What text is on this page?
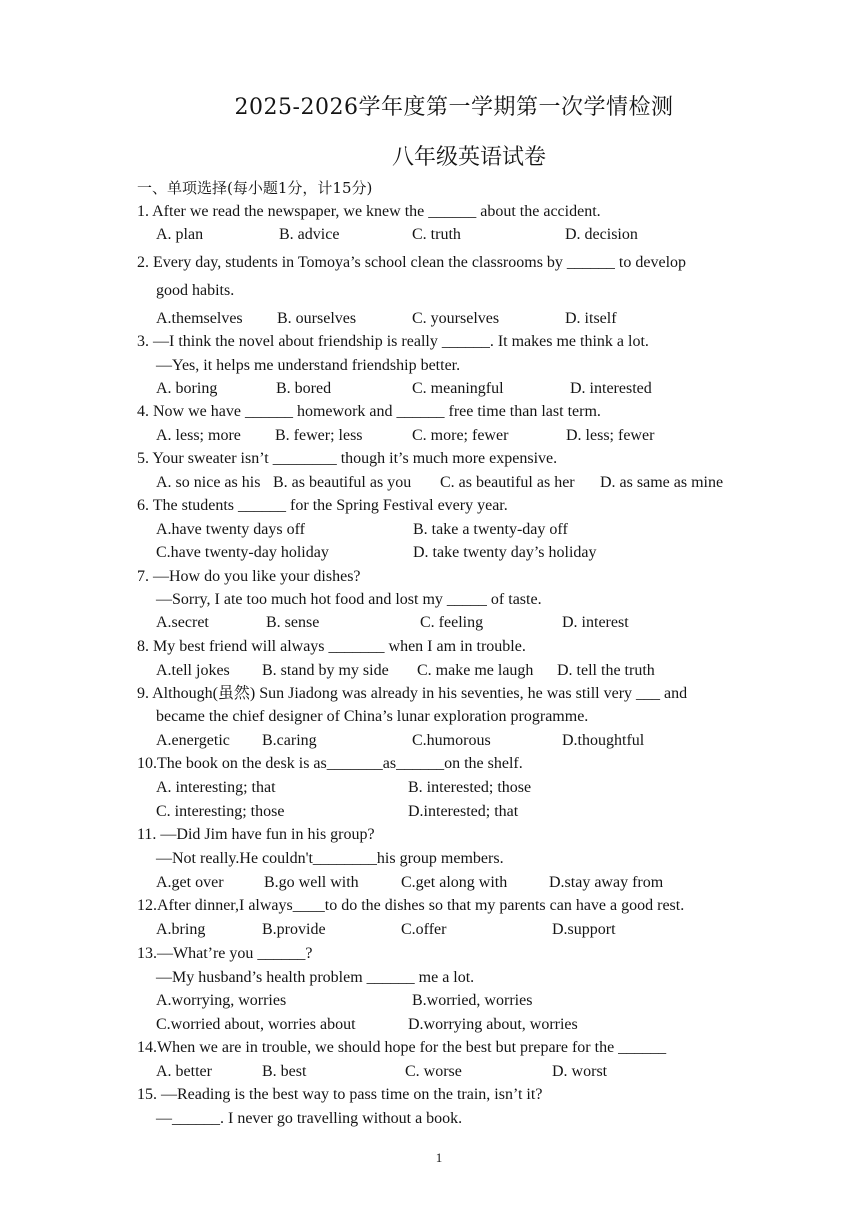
2025-2026学年度第一学期第一次学情检测
八年级英语试卷
一、单项选择(每小题1分，计15分)
1. After we read the newspaper, we knew the ______ about the accident.
A. plan	B. advice	C. truth	D. decision
2. Every day, students in Tomoya’s school clean the classrooms by ______ to develop
good habits.
A.themselves B. ourselves	C. yourselves	D. itself
3. —I think the novel about friendship is really ______. It makes me think a lot.
—Yes, it helps me understand friendship better.
A. boring	B. bored	C. meaningful	D. interested
4. Now we have ______ homework and ______ free time than last term.
A. less; more B. fewer; less	C. more; fewer	D. less; fewer
5. Your sweater isn’t ________ though it’s much more expensive.
A. so nice as his B. as beautiful as you C. as beautiful as her D. as same as mine
6. The students ______ for the Spring Festival every year.
A.have twenty days off	B. take a twenty-day off
C.have twenty-day holiday	D. take twenty day’s holiday
7. —How do you like your dishes?
—Sorry, I ate too much hot food and lost my _____ of taste.
A.secret	B. sense	C. feeling	D. interest
8. My best friend will always _______ when I am in trouble.
A.tell jokes B. stand by my side C. make me laugh D. tell the truth
9. Although(虽然) Sun Jiadong was already in his seventies, he was still very ___ and
became the chief designer of China’s lunar exploration programme.
A.energetic B.caring	C.humorous	D.thoughtful
10.The book on the desk is as_______as______on the shelf.
A. interesting; that	B. interested; those
C. interesting; those	D.interested; that
11. —Did Jim have fun in his group?
—Not really.He couldn't________his group members.
A.get over	B.go well with	C.get along with	D.stay away from
12.After dinner,I always____to do the dishes so that my parents can have a good rest.
A.bring	B.provide	C.offer	D.support
13.—What’re you ______?
—My husband’s health problem ______ me a lot.
A.worrying, worries	B.worried, worries
C.worried about, worries about	D.worrying about, worries
14.When we are in trouble, we should hope for the best but prepare for the ______
A. better	B. best	C. worse	D. worst
15. —Reading is the best way to pass time on the train, isn’t it?
—______. I never go travelling without a book.
1
